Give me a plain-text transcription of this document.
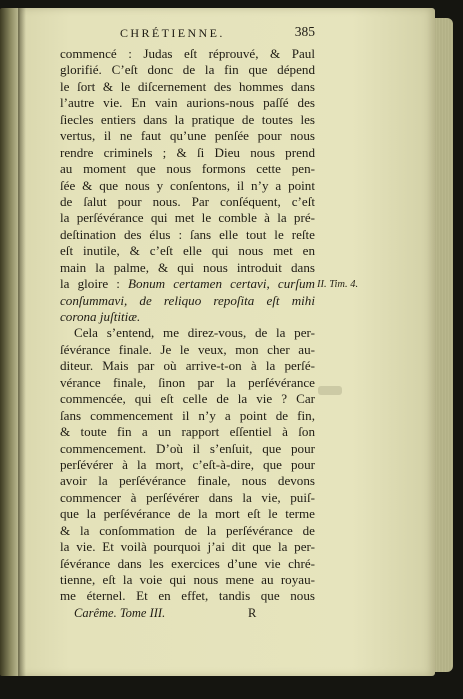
CHRÉTIENNE.	385
commencé : Judas eſt réprouvé, & Paul
glorifié. C’eſt donc de la fin que dépend
le ſort & le diſcernement des hommes dans
l’autre vie. En vain aurions-nous paſſé des
ſiecles entiers dans la pratique de toutes les
vertus, il ne faut qu’une penſée pour nous
rendre criminels ; & ſi Dieu nous prend
au moment que nous formons cette pen-
ſée & que nous y conſentons, il n’y a point
de ſalut pour nous. Par conſéquent, c’eſt
la perſévérance qui met le comble à la pré-
deſtination des élus : ſans elle tout le reſte
eſt inutile, & c’eſt elle qui nous met en
main la palme, & qui nous introduit dans
la gloire : Bonum certamen certavi, curſum
conſummavi, de reliquo repoſita eſt mihi
corona juſtitiæ.
Cela s’entend, me direz-vous, de la per-
ſévérance finale. Je le veux, mon cher au-
diteur. Mais par où arrive-t-on à la perſé-
vérance finale, ſinon par la perſévérance
commencée, qui eſt celle de la vie ? Car
ſans commencement il n’y a point de fin,
& toute fin a un rapport eſſentiel à ſon
commencement. D’où il s’enſuit, que pour
perſévérer à la mort, c’eſt-à-dire, que pour
avoir la perſévérance finale, nous devons
commencer à perſévérer dans la vie, puiſ-
que la perſévérance de la mort eſt le terme
& la conſommation de la perſévérance de
la vie. Et voilà pourquoi j’ai dit que la per-
ſévérance dans les exercices d’une vie chré-
tienne, eſt la voie qui nous mene au royau-
me éternel. Et en effet, tandis que nous
Carême. Tome III.	R
II. Tim. 4.
